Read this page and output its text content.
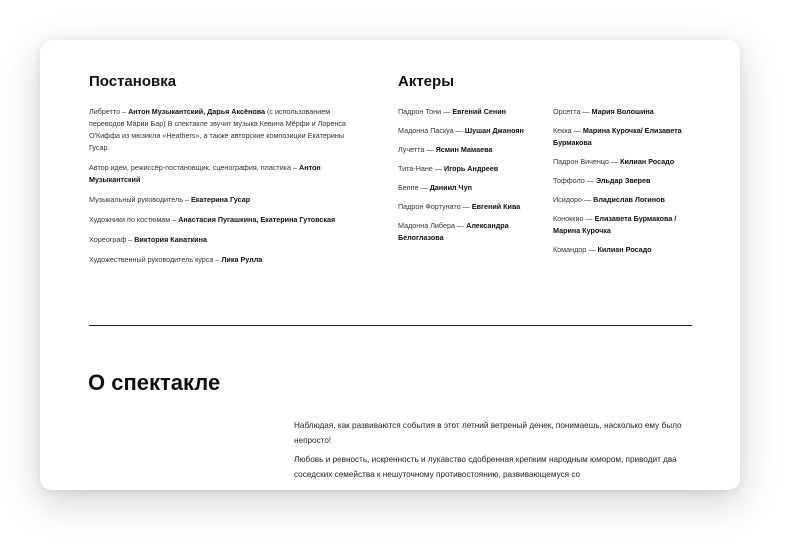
Постановка

Либретто – Антон Музыкантский, Дарья Аксёнова (с использованием переводов Марии Бар) В спектакле звучит музыка Кевина Мёрфи и Лоренса О'Киффа из мюзикла «Heathers», а также авторские композиции Екатерины Гусар.

Автор идеи, режиссёр-постановщик, сценография, пластика – Антон Музыкантский

Музыкальный руководитель – Екатерина Гусар

Художники по костюмам – Анастасия Пугашкина, Екатерина Гутовская

Хореограф – Виктория Канаткина

Художественный руководитель курса – Лика Рулла

Актеры

Падрон Тони — Евгений Сенин

Мадонна Паскуа — Шушан Джаноян

Лучетта — Ясмин Мамаева

Тита-Нане — Игорь Андреев

Беппе — Даниил Чуп

Падрон Фортунато — Евгений Кива

Мадонна Либера — Александра Белоглазова

Орсетта — Мария Волошина

Кекка — Марина Курочка/ Елизавета Бурмакова

Падрон Виченцо — Килиан Росадо

Тоффоло — Эльдар Зверев

Исидоро — Владислав Логинов

Коноккио — Елизавета Бурмакова /Марина Курочка

Командор — Килиан Росадо

О спектакле

Наблюдая, как развиваются события в этот летний ветреный денек, понимаешь, насколько ему было непросто!

Любовь и ревность, искренность и лукавство сдобренная крепким народным юмором, приводит два соседских семейства к нешуточному противостоянию, развивающемуся со
